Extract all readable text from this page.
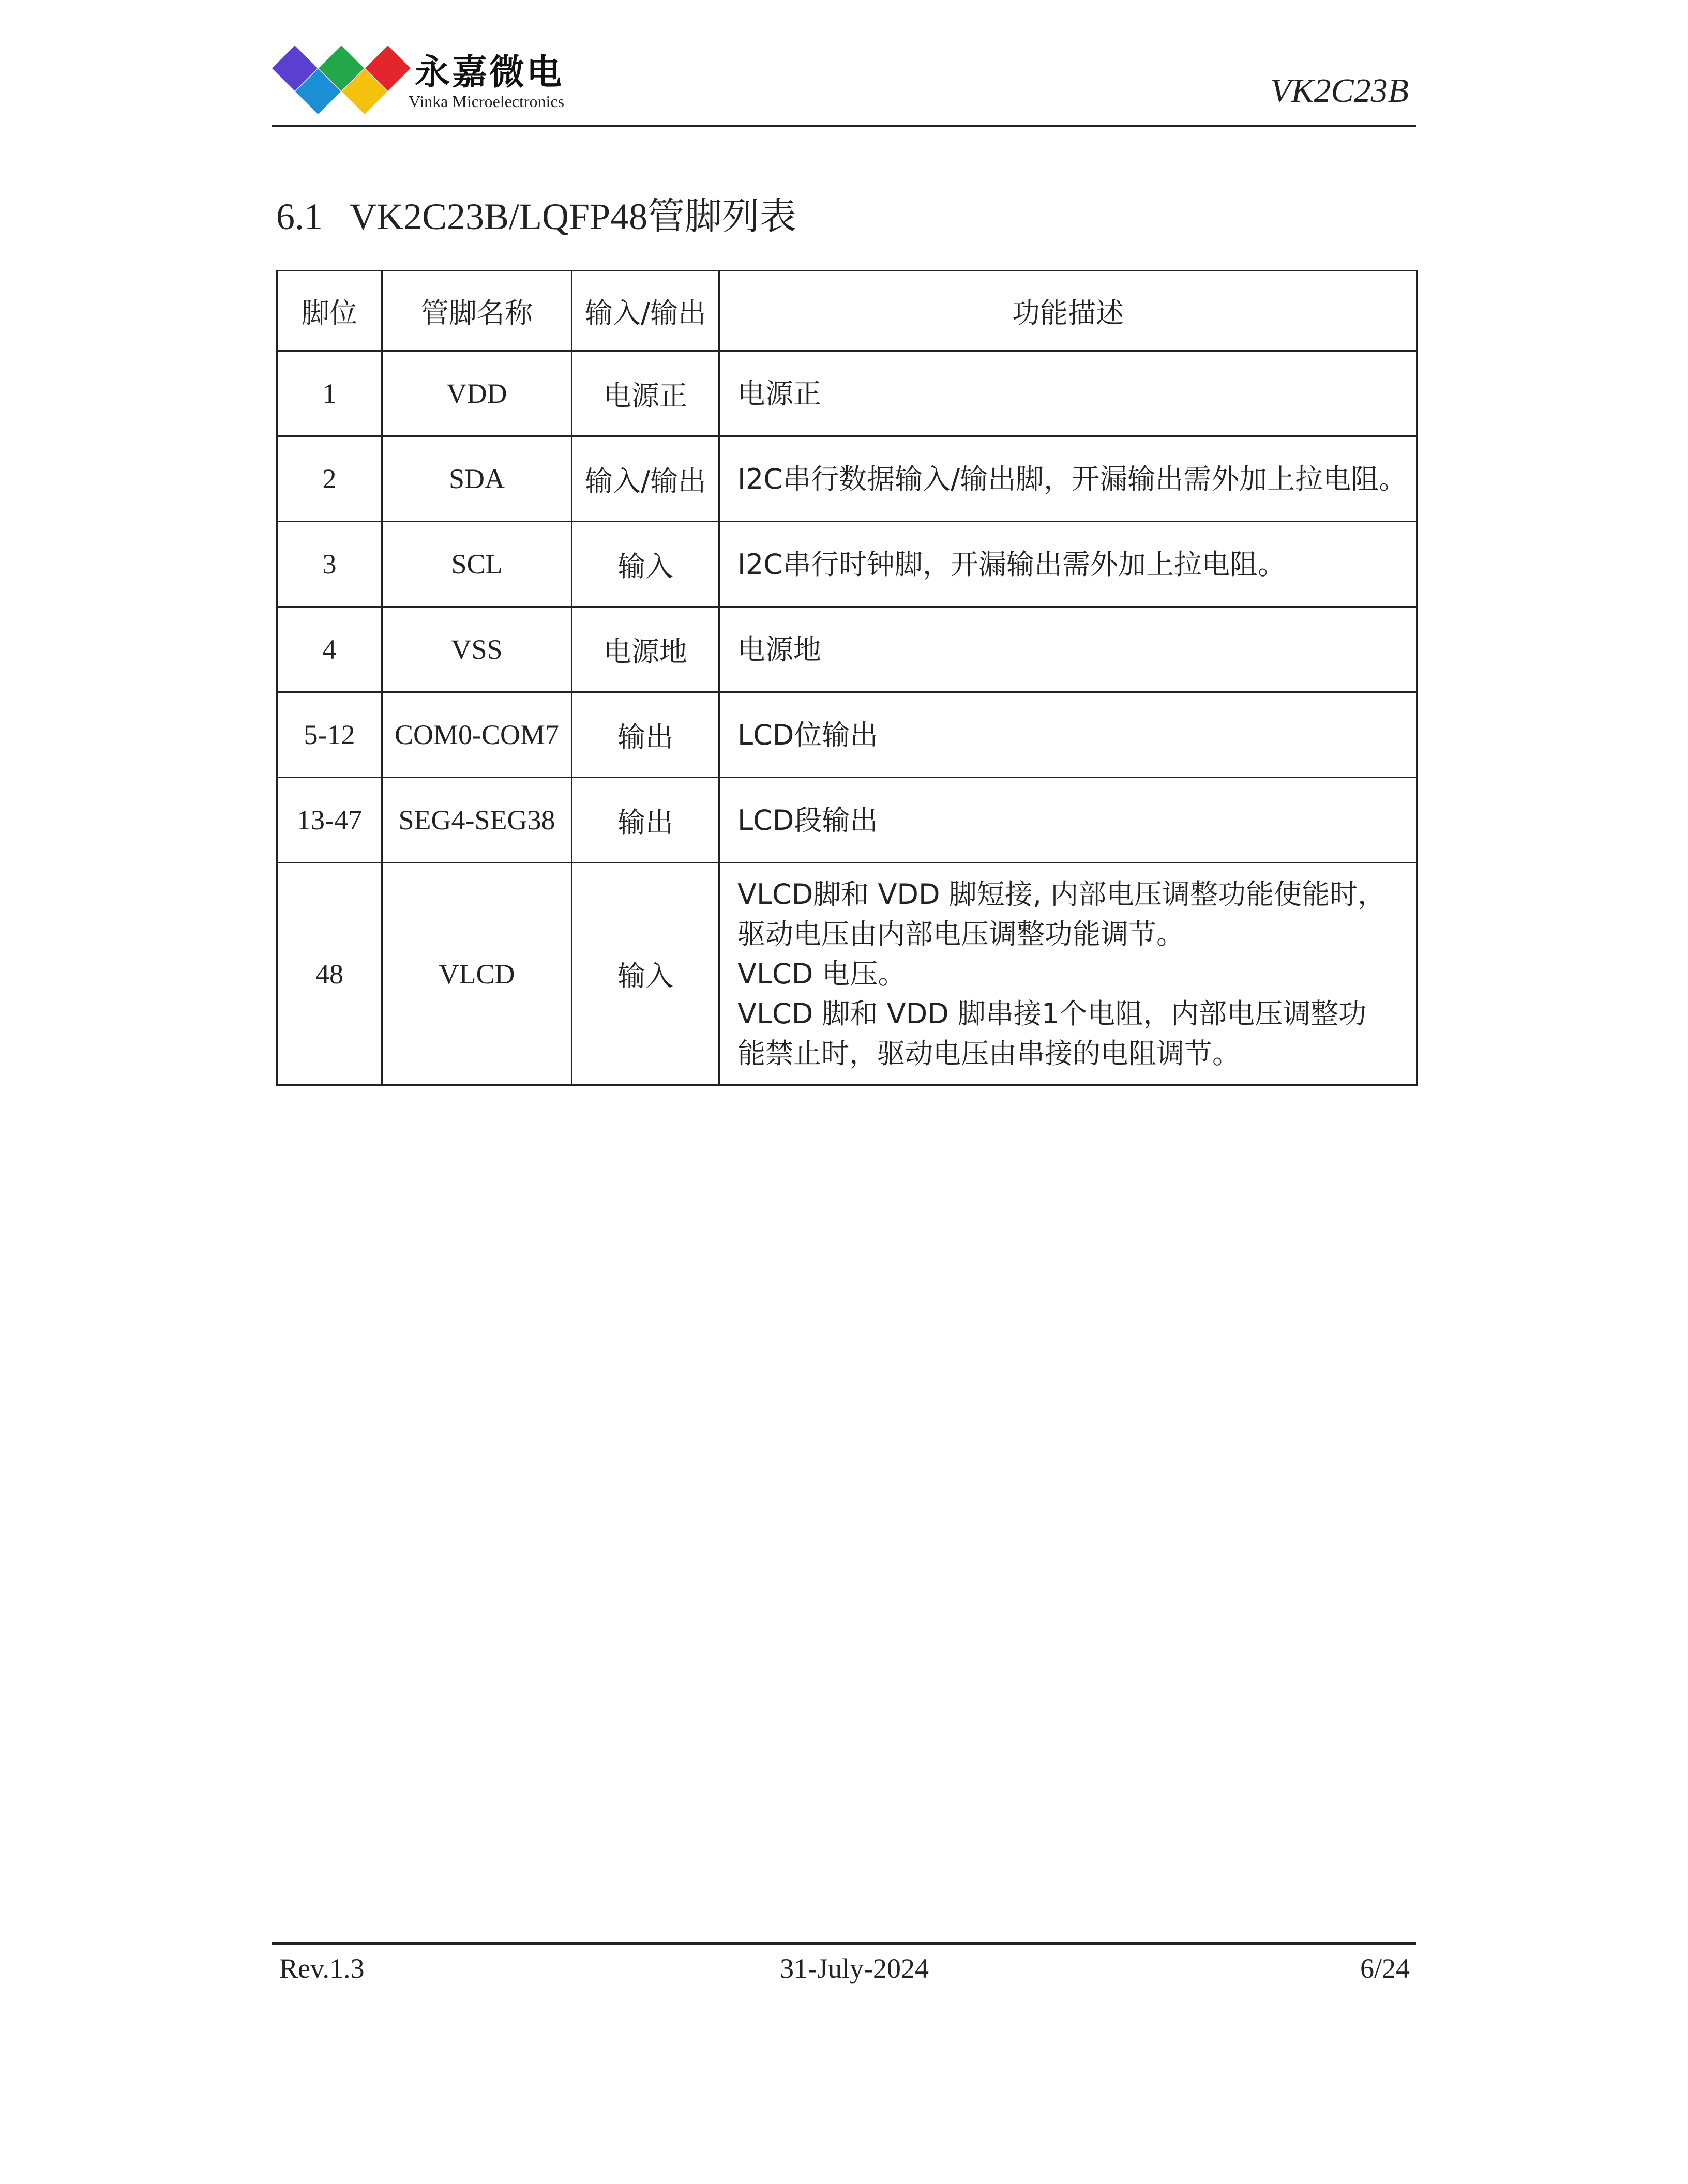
永嘉微电
Vinka Microelectronics	VK2C23B
6.1 VK2C23B/LQFP48管脚列表
脚位	管脚名称	输入/输出	功能描述
1	VDD	电源正	电源正

2	SDA	输入/输出	I2C串行数据输入/输出脚，开漏输出需外加上拉电阻。

3	SCL	输入	I2C串行时钟脚，开漏输出需外加上拉电阻。

4	VSS	电源地	电源地

5-12	COM0-COM7	输出	LCD位输出

13-47	SEG4-SEG38	输出	LCD段输出

48	VLCD	输入	VLCD脚和 VDD 脚短接, 内部电压调整功能使能时，
驱动电压由内部电压调整功能调节。
VLCD 电压。
VLCD 脚和 VDD 脚串接1个电阻，内部电压调整功
能禁止时，驱动电压由串接的电阻调节。
Rev.1.3	31-July-2024	6/24
